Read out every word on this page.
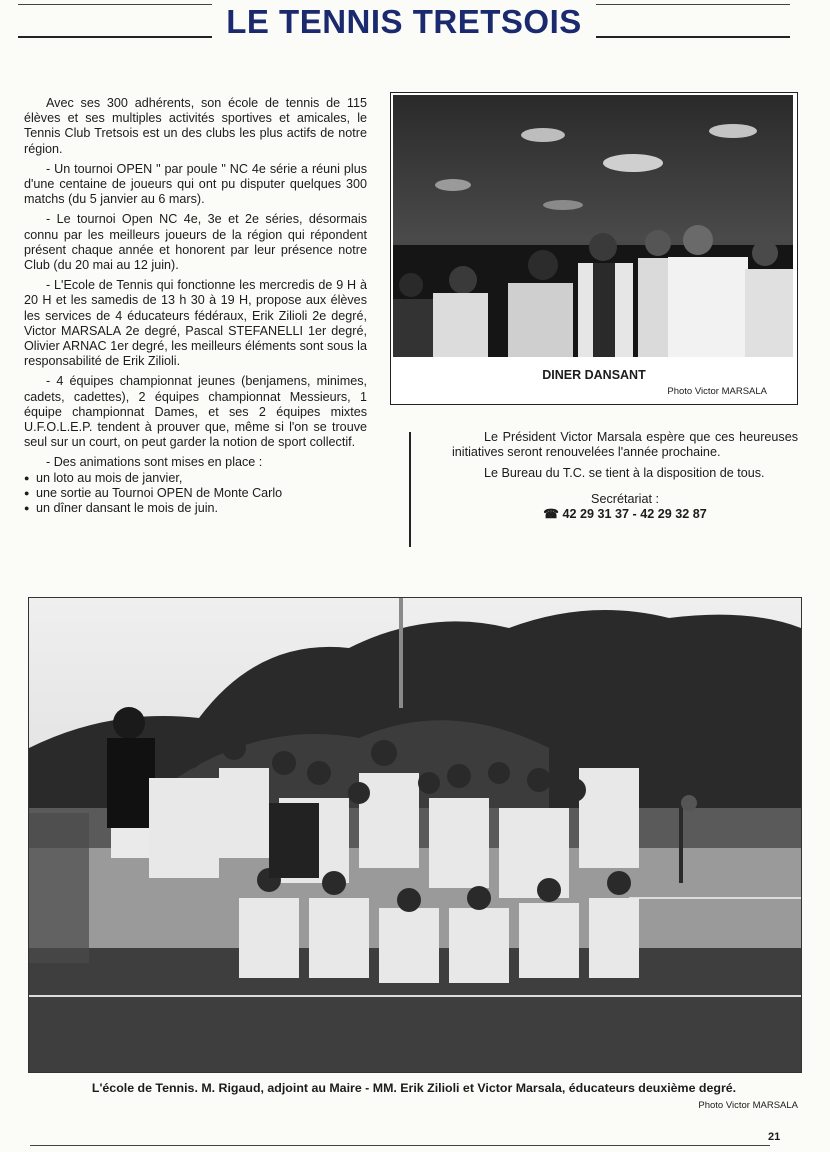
LE TENNIS TRETSOIS

Avec ses 300 adhérents, son école de tennis de 115 élèves et ses multiples activités sportives et amicales, le Tennis Club Tretsois est un des clubs les plus actifs de notre région.

- Un tournoi OPEN " par poule " NC 4e série a réuni plus d'une centaine de joueurs qui ont pu disputer quelques 300 matchs (du 5 janvier au 6 mars).

- Le tournoi Open NC 4e, 3e et 2e séries, désormais connu par les meilleurs joueurs de la région qui répondent présent chaque année et honorent par leur présence notre Club (du 20 mai au 12 juin).

- L'Ecole de Tennis qui fonctionne les mercredis de 9 H à 20 H et les samedis de 13 h 30 à 19 H, propose aux élèves les services de 4 éducateurs fédéraux, Erik Zilioli 2e degré, Victor MARSALA 2e degré, Pascal STEFANELLI 1er degré, Olivier ARNAC 1er degré, les meilleurs éléments sont sous la responsabilité de Erik Zilioli.

- 4 équipes championnat jeunes (benjamens, minimes, cadets, cadettes), 2 équipes championnat Messieurs, 1 équipe championnat Dames, et ses 2 équipes mixtes U.F.O.L.E.P. tendent à prouver que, même si l'on se trouve seul sur un court, on peut garder la notion de sport collectif.

- Des animations sont mises en place :

● un loto au mois de janvier,
● une sortie au Tournoi OPEN de Monte Carlo
● un dîner dansant le mois de juin.
DINER DANSANT
Photo Victor MARSALA

Le Président Victor Marsala espère que ces heureuses initiatives seront renouvelées l'année prochaine.

Le Bureau du T.C. se tient à la disposition de tous.

Secrétariat :
☎ 42 29 31 37 - 42 29 32 87
L'école de Tennis. M. Rigaud, adjoint au Maire - MM. Erik Zilioli et Victor Marsala, éducateurs deuxième degré.
Photo Victor MARSALA
21
